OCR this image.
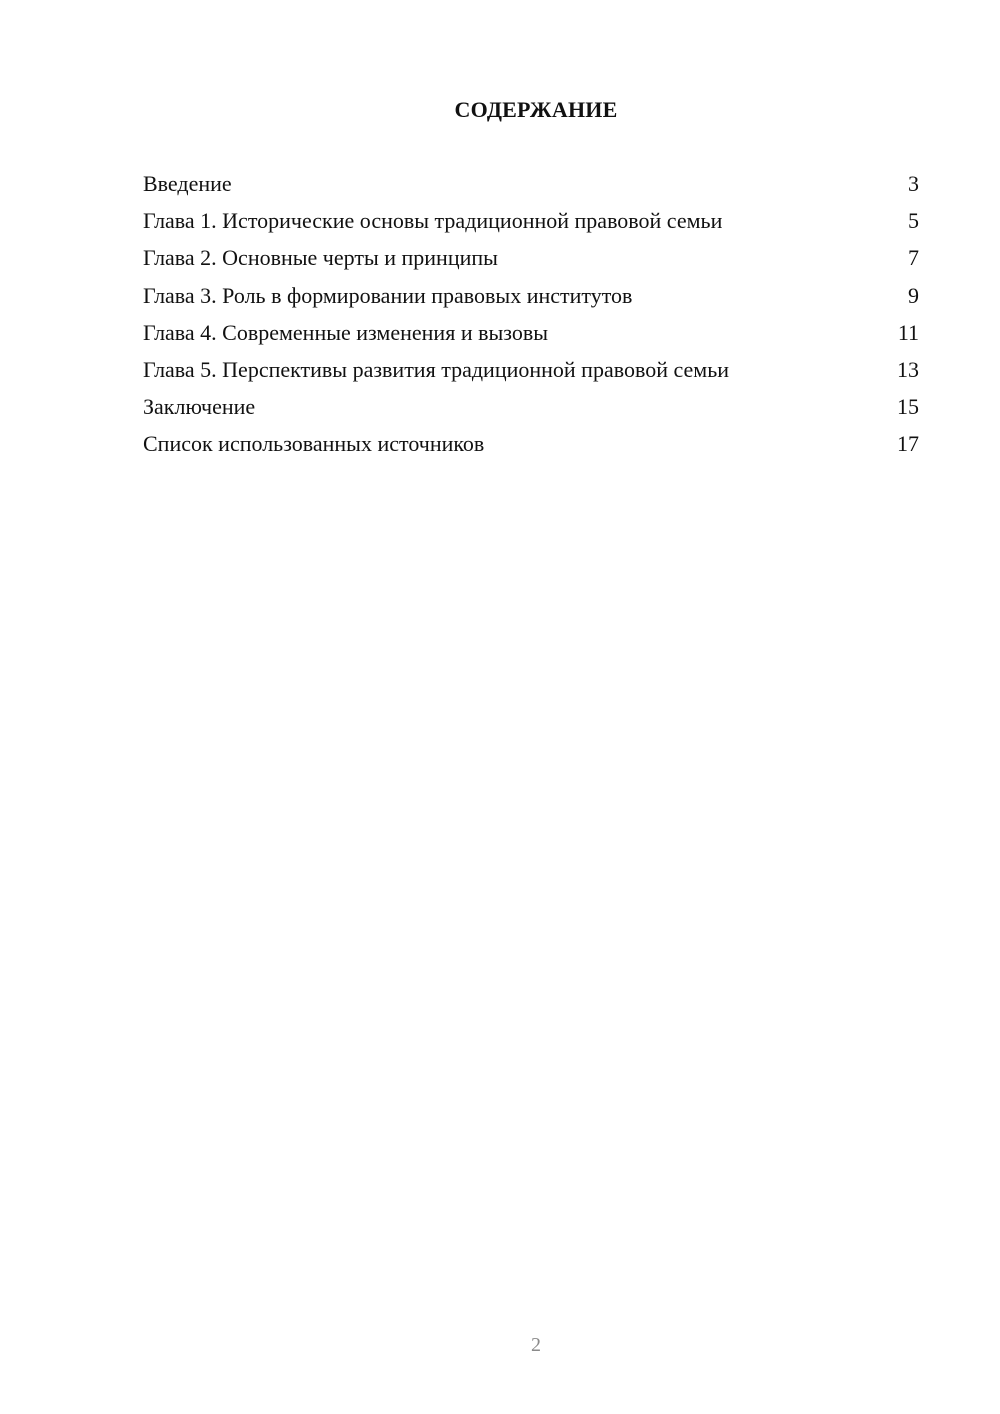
СОДЕРЖАНИЕ
Введение	3
Глава 1. Исторические основы традиционной правовой семьи	5
Глава 2. Основные черты и принципы	7
Глава 3. Роль в формировании правовых институтов	9
Глава 4. Современные изменения и вызовы	11
Глава 5. Перспективы развития традиционной правовой семьи	13
Заключение	15
Список использованных источников	17
2
